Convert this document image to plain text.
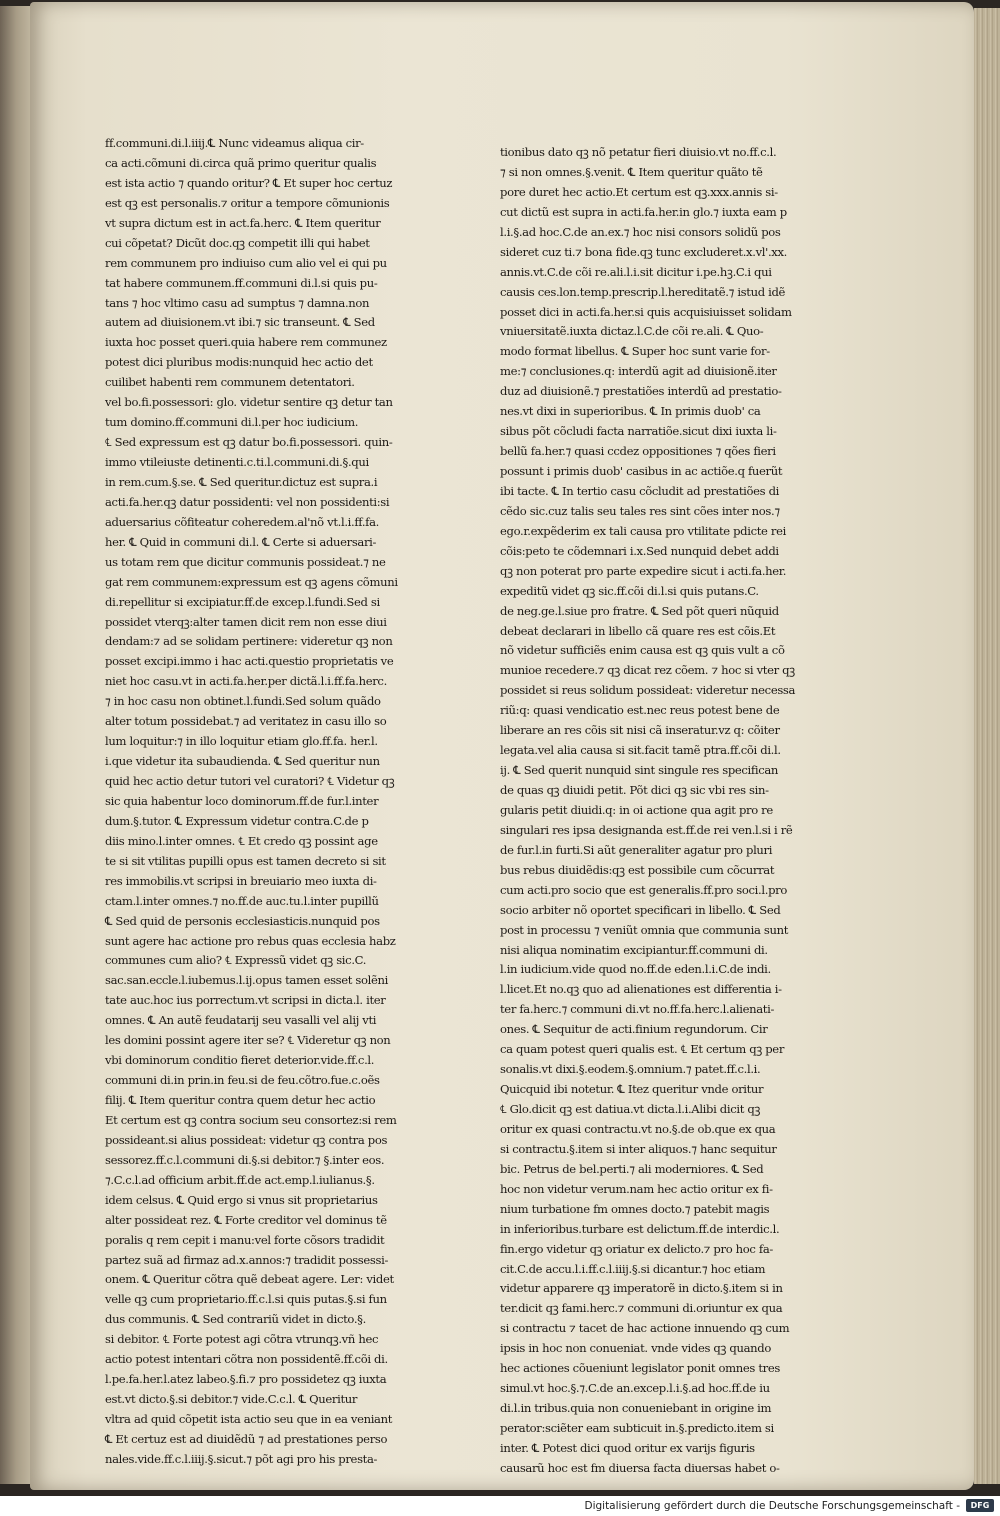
ff.communi.di.l.iiij.℄ Nunc videamus aliqua cir-
ca acti.cõmuni di.circa quã primo queritur qualis
est ista actio ⁊ quando oritur? ℄ Et super hoc certuz
est qꝫ est personalis.⁊ oritur a tempore cõmunionis
vt supra dictum est in act.fa.herc. ℄ Item queritur
cui cõpetat? Dicũt doc.qꝫ competit illi qui habet
rem communem pro indiuiso cum alio vel ei qui pu
tat habere communem.ff.communi di.l.si quis pu-
tans ⁊ hoc vltimo casu ad sumptus ⁊ damna.non
autem ad diuisionem.vt ibi.⁊ sic transeunt. ℄ Sed
iuxta hoc posset queri.quia habere rem communez
potest dici pluribus modis:nunquid hec actio det
cuilibet habenti rem communem detentatori.
vel bo.fi.possessori: glo. videtur sentire qꝫ detur tan
tum domino.ff.communi di.l.per hoc iudicium.
℄ Sed expressum est qꝫ datur bo.fi.possessori. quin-
immo vtileiuste detinenti.c.ti.l.communi.di.§.qui
in rem.cum.§.se. ℄ Sed queritur.dictuz est supra.i
acti.fa.her.qꝫ datur possidenti: vel non possidenti:si
aduersarius cõfiteatur coheredem.al'nõ vt.l.i.ff.fa.
her. ℄ Quid in communi di.l. ℄ Certe si aduersari-
us totam rem que dicitur communis possideat.⁊ ne
gat rem communem:expressum est qꝫ agens cõmuni
di.repellitur si excipiatur.ff.de excep.l.fundi.Sed si
possidet vterqꝫ:alter tamen dicit rem non esse diui
dendam:⁊ ad se solidam pertinere: videretur qꝫ non
posset excipi.immo i hac acti.questio proprietatis ve
niet hoc casu.vt in acti.fa.her.per dictã.l.i.ff.fa.herc.
⁊ in hoc casu non obtinet.l.fundi.Sed solum quãdo
alter totum possidebat.⁊ ad veritatez in casu illo so
lum loquitur:⁊ in illo loquitur etiam glo.ff.fa. her.l.
i.que videtur ita subaudienda. ℄ Sed queritur nun
quid hec actio detur tutori vel curatori? ℄ Videtur qꝫ
sic quia habentur loco dominorum.ff.de fur.l.inter
dum.§.tutor. ℄ Expressum videtur contra.C.de p
diis mino.l.inter omnes. ℄ Et credo qꝫ possint age
te si sit vtilitas pupilli opus est tamen decreto si sit
res immobilis.vt scripsi in breuiario meo iuxta di-
ctam.l.inter omnes.⁊ no.ff.de auc.tu.l.inter pupillũ
℄ Sed quid de personis ecclesiasticis.nunquid pos
sunt agere hac actione pro rebus quas ecclesia habz
communes cum alio? ℄ Expressũ videt qꝫ sic.C.
sac.san.eccle.l.iubemus.l.ij.opus tamen esset solẽni
tate auc.hoc ius porrectum.vt scripsi in dicta.l. iter
omnes. ℄ An autẽ feudatarij seu vasalli vel alij vti
les domini possint agere iter se? ℄ Videretur qꝫ non
vbi dominorum conditio fieret deterior.vide.ff.c.l.
communi di.in prin.in feu.si de feu.cõtro.fue.c.oẽs
filij. ℄ Item queritur contra quem detur hec actio
Et certum est qꝫ contra socium seu consortez:si rem
possideant.si alius possideat: videtur qꝫ contra pos
sessorez.ff.c.l.communi di.§.si debitor.⁊ §.inter eos.
⁊.C.c.l.ad officium arbit.ff.de act.emp.l.iulianus.§.
idem celsus. ℄ Quid ergo si vnus sit proprietarius
alter possideat rez. ℄ Forte creditor vel dominus tẽ
poralis q rem cepit i manu:vel forte cõsors tradidit
partez suã ad firmaz ad.x.annos:⁊ tradidit possessi-
onem. ℄ Queritur cõtra quẽ debeat agere. Ler: videt
velle qꝫ cum proprietario.ff.c.l.si quis putas.§.si fun
dus communis. ℄ Sed contrariũ videt in dicto.§.
si debitor. ℄ Forte potest agi cõtra vtrunqꝫ.vñ hec
actio potest intentari cõtra non possidentẽ.ff.cõi di.
l.pe.fa.her.l.atez labeo.§.fi.⁊ pro possidetez qꝫ iuxta
est.vt dicto.§.si debitor.⁊ vide.C.c.l. ℄ Queritur
vltra ad quid cõpetit ista actio seu que in ea veniant
℄ Et certuz est ad diuidẽdũ ⁊ ad prestationes perso
nales.vide.ff.c.l.iiij.§.sicut.⁊ põt agi pro his presta-
tionibus dato qꝫ nõ petatur fieri diuisio.vt no.ff.c.l.
⁊ si non omnes.§.venit. ℄ Item queritur quãto tẽ
pore duret hec actio.Et certum est qꝫ.xxx.annis si-
cut dictũ est supra in acti.fa.her.in glo.⁊ iuxta eam p
l.i.§.ad hoc.C.de an.ex.⁊ hoc nisi consors solidũ pos
sideret cuz ti.⁊ bona fide.qꝫ tunc excluderet.x.vl'.xx.
annis.vt.C.de cõi re.ali.l.i.sit dicitur i.pe.hꝫ.C.i qui
causis ces.lon.temp.prescrip.l.hereditatẽ.⁊ istud idẽ
posset dici in acti.fa.her.si quis acquisiuisset solidam
vniuersitatẽ.iuxta dictaz.l.C.de cõi re.ali. ℄ Quo-
modo format libellus. ℄ Super hoc sunt varie for-
me:⁊ conclusiones.q: interdũ agit ad diuisionẽ.iter
duz ad diuisionẽ.⁊ prestatiões interdũ ad prestatio-
nes.vt dixi in superioribus. ℄ In primis duob' ca
sibus põt cõcludi facta narratiõe.sicut dixi iuxta li-
bellũ fa.her.⁊ quasi ccdez oppositiones ⁊ qões fieri
possunt i primis duob' casibus in ac actiõe.q fuerũt
ibi tacte. ℄ In tertio casu cõcludit ad prestatiões di
cẽdo sic.cuz talis seu tales res sint cões inter nos.⁊
ego.r.expẽderim ex tali causa pro vtilitate pdicte rei
cõis:peto te cõdemnari i.x.Sed nunquid debet addi
qꝫ non poterat pro parte expedire sicut i acti.fa.her.
expeditũ videt qꝫ sic.ff.cõi di.l.si quis putans.C.
de neg.ge.l.siue pro fratre. ℄ Sed põt queri nũquid
debeat declarari in libello cã quare res est cõis.Et
nõ videtur sufficiẽs enim causa est qꝫ quis vult a cõ
munioe recedere.⁊ qꝫ dicat rez cõem. ⁊ hoc si vter qꝫ
possidet si reus solidum possideat: videretur necessa
riũ:q: quasi vendicatio est.nec reus potest bene de
liberare an res cõis sit nisi cã inseratur.vz q: cõiter
legata.vel alia causa si sit.facit tamẽ ptra.ff.cõi di.l.
ij. ℄ Sed querit nunquid sint singule res specifican
de quas qꝫ diuidi petit. Põt dici qꝫ sic vbi res sin-
gularis petit diuidi.q: in oi actione qua agit pro re
singulari res ipsa designanda est.ff.de rei ven.l.si i rẽ
de fur.l.in furti.Si aũt generaliter agatur pro pluri
bus rebus diuidẽdis:qꝫ est possibile cum cõcurrat
cum acti.pro socio que est generalis.ff.pro soci.l.pro
socio arbiter nõ oportet specificari in libello. ℄ Sed
post in processu ⁊ veniũt omnia que communia sunt
nisi aliqua nominatim excipiantur.ff.communi di.
l.in iudicium.vide quod no.ff.de eden.l.i.C.de indi.
l.licet.Et no.qꝫ quo ad alienationes est differentia i-
ter fa.herc.⁊ communi di.vt no.ff.fa.herc.l.alienati-
ones. ℄ Sequitur de acti.finium regundorum. Cir
ca quam potest queri qualis est. ℄ Et certum qꝫ per
sonalis.vt dixi.§.eodem.§.omnium.⁊ patet.ff.c.l.i.
Quicquid ibi notetur. ℄ Itez queritur vnde oritur
℄ Glo.dicit qꝫ est datiua.vt dicta.l.i.Alibi dicit qꝫ
oritur ex quasi contractu.vt no.§.de ob.que ex qua
si contractu.§.item si inter aliquos.⁊ hanc sequitur
bic. Petrus de bel.perti.⁊ ali moderniores. ℄ Sed
hoc non videtur verum.nam hec actio oritur ex fi-
nium turbatione fm omnes docto.⁊ patebit magis
in inferioribus.turbare est delictum.ff.de interdic.l.
fin.ergo videtur qꝫ oriatur ex delicto.⁊ pro hoc fa-
cit.C.de accu.l.i.ff.c.l.iiij.§.si dicantur.⁊ hoc etiam
videtur apparere qꝫ imperatorẽ in dicto.§.item si in
ter.dicit qꝫ fami.herc.⁊ communi di.oriuntur ex qua
si contractu ⁊ tacet de hac actione innuendo qꝫ cum
ipsis in hoc non conueniat. vnde vides qꝫ quando
hec actiones cõueniunt legislator ponit omnes tres
simul.vt hoc.§.⁊.C.de an.excep.l.i.§.ad hoc.ff.de iu
di.l.in tribus.quia non conueniebant in origine im
perator:sciẽter eam subticuit in.§.predicto.item si
inter. ℄ Potest dici quod oritur ex varijs figuris
causarũ hoc est fm diuersa facta diuersas habet o-
Digitalisierung gefördert durch die Deutsche Forschungsgemeinschaft -	DFG
